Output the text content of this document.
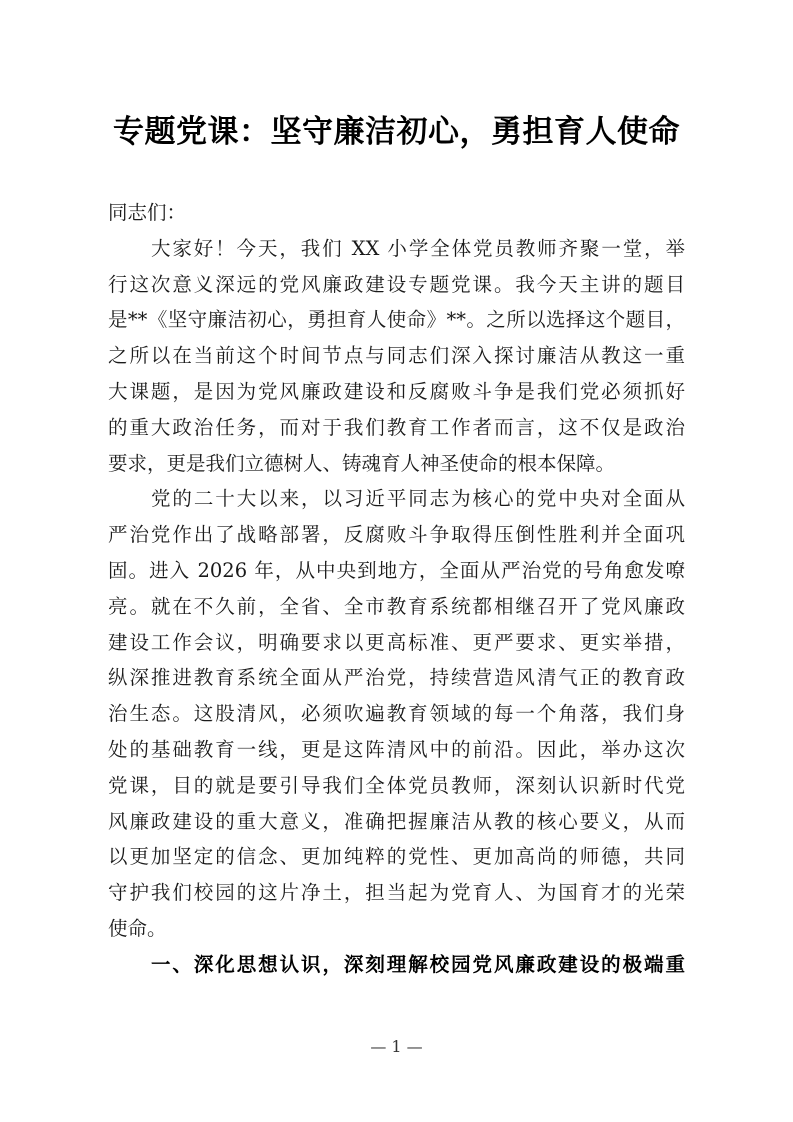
专题党课：坚守廉洁初心，勇担育人使命
同志们：
大家好！今天，我们 XX 小学全体党员教师齐聚一堂，举
行这次意义深远的党风廉政建设专题党课。我今天主讲的题目
是**《坚守廉洁初心，勇担育人使命》**。之所以选择这个题目，
之所以在当前这个时间节点与同志们深入探讨廉洁从教这一重
大课题，是因为党风廉政建设和反腐败斗争是我们党必须抓好
的重大政治任务，而对于我们教育工作者而言，这不仅是政治
要求，更是我们立德树人、铸魂育人神圣使命的根本保障。
党的二十大以来，以习近平同志为核心的党中央对全面从
严治党作出了战略部署，反腐败斗争取得压倒性胜利并全面巩
固。进入 2026 年，从中央到地方，全面从严治党的号角愈发嘹
亮。就在不久前，全省、全市教育系统都相继召开了党风廉政
建设工作会议，明确要求以更高标准、更严要求、更实举措，
纵深推进教育系统全面从严治党，持续营造风清气正的教育政
治生态。这股清风，必须吹遍教育领域的每一个角落，我们身
处的基础教育一线，更是这阵清风中的前沿。因此，举办这次
党课，目的就是要引导我们全体党员教师，深刻认识新时代党
风廉政建设的重大意义，准确把握廉洁从教的核心要义，从而
以更加坚定的信念、更加纯粹的党性、更加高尚的师德，共同
守护我们校园的这片净土，担当起为党育人、为国育才的光荣
使命。
一、深化思想认识，深刻理解校园党风廉政建设的极端重
— 1 —
